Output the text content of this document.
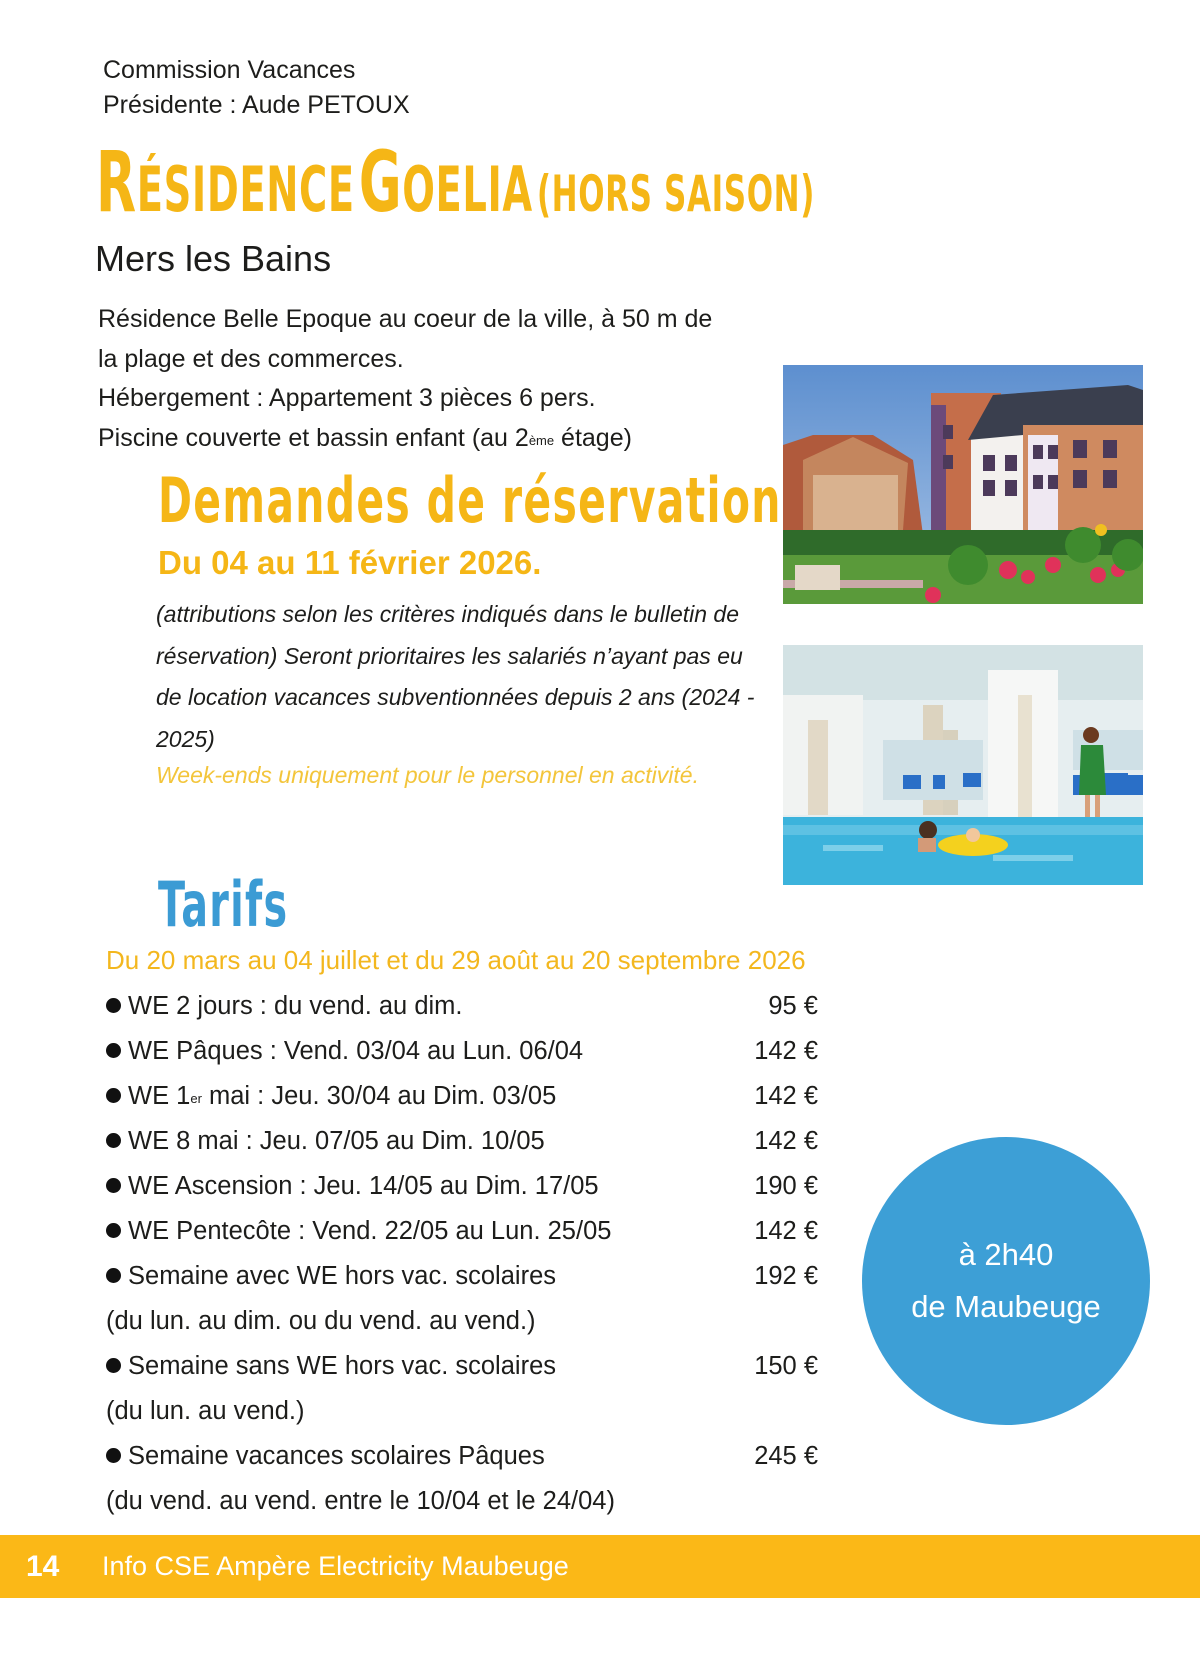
Commission Vacances
Présidente : Aude PETOUX
RÉSIDENCE GOELIA (HORS SAISON)
Mers les Bains
Résidence Belle Epoque au coeur de la ville, à 50 m de
la plage et des commerces.
Hébergement : Appartement 3 pièces 6 pers.
Piscine couverte et bassin enfant (au 2ème étage)
Demandes de réservation
Du 04 au 11 février 2026.
(attributions selon les critères indiqués dans le bulletin de réservation) Seront prioritaires les salariés n’ayant pas eu de location vacances subventionnées depuis 2 ans (2024 - 2025)
Week-ends uniquement pour le personnel en activité.
Tarifs
Du 20 mars au 04 juillet et du 29 août au 20 septembre 2026
WE 2 jours : du vend. au dim.	95 €
WE Pâques : Vend. 03/04 au Lun. 06/04	142 €
WE 1er mai : Jeu. 30/04 au Dim. 03/05	142 €
WE 8 mai : Jeu. 07/05 au Dim. 10/05	142 €
WE Ascension : Jeu. 14/05 au Dim. 17/05	190 €
WE Pentecôte : Vend. 22/05 au Lun. 25/05	142 €
Semaine avec WE hors vac. scolaires	192 €
(du lun. au dim. ou du vend. au vend.)
Semaine sans WE hors vac. scolaires	150 €
(du lun. au vend.)
Semaine vacances scolaires Pâques	245 €
(du vend. au vend. entre le 10/04 et le 24/04)
à 2h40
de Maubeuge
14	Info CSE Ampère Electricity Maubeuge
